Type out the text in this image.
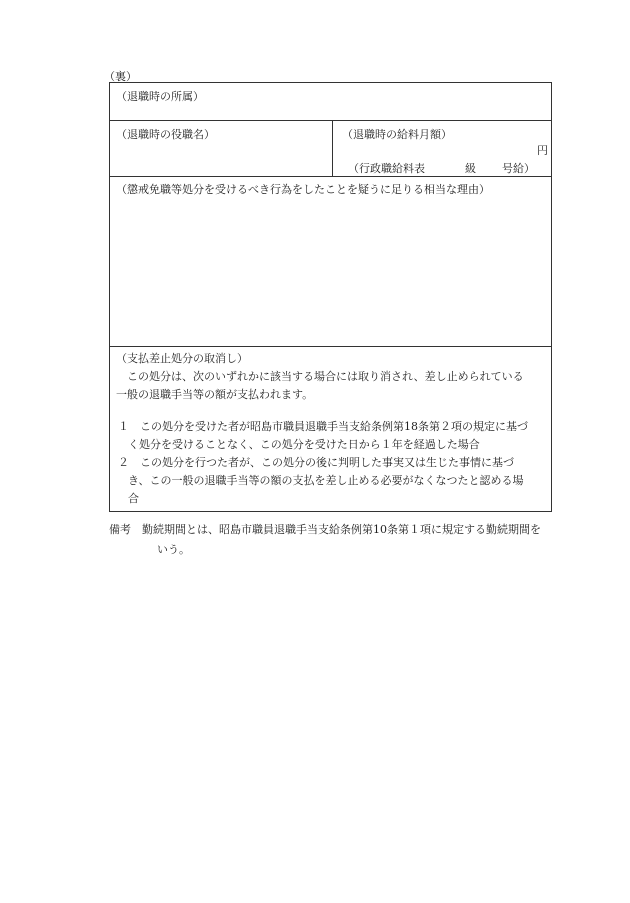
（裏）
（退職時の所属）
（退職時の役職名）	（退職時の給料月額）
円
（行政職給料表	級 号給）
（懲戒免職等処分を受けるべき行為をしたことを疑うに足りる相当な理由）
（支払差止処分の取消し）
　この処分は、次のいずれかに該当する場合には取り消され、差し止められている
一般の退職手当等の額が支払われます。
１　この処分を受けた者が昭島市職員退職手当支給条例第18条第２項の規定に基づ
く処分を受けることなく、この処分を受けた日から１年を経過した場合
２　この処分を行つた者が、この処分の後に判明した事実又は生じた事情に基づ
き、この一般の退職手当等の額の支払を差し止める必要がなくなつたと認める場
合
備考　勤続期間とは、昭島市職員退職手当支給条例第10条第１項に規定する勤続期間を
いう。
